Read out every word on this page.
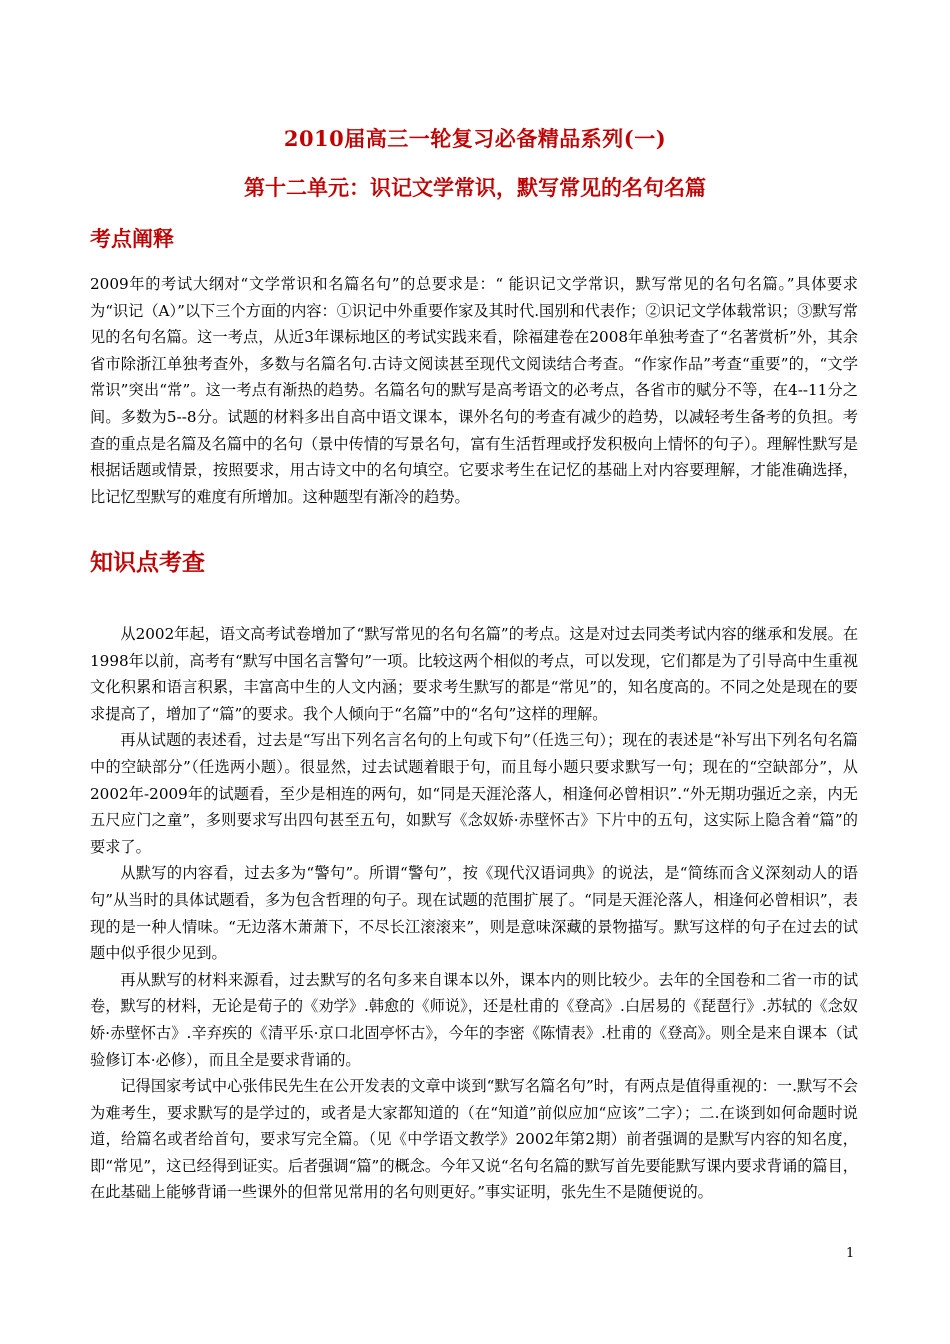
2010届高三一轮复习必备精品系列(一)
第十二单元：识记文学常识，默写常见的名句名篇
考点阐释

2009年的考试大纲对“文学常识和名篇名句”的总要求是：“ 能识记文学常识，默写常见的名句名篇。”具体要求为“识记（A）”以下三个方面的内容：①识记中外重要作家及其时代.国别和代表作；②识记文学体载常识；③默写常见的名句名篇。这一考点，从近3年课标地区的考试实践来看，除福建卷在2008年单独考查了“名著赏析”外，其余省市除浙江单独考查外，多数与名篇名句.古诗文阅读甚至现代文阅读结合考查。“作家作品”考查“重要”的，“文学常识”突出“常”。这一考点有渐热的趋势。名篇名句的默写是高考语文的必考点，各省市的赋分不等，在4--11分之间。多数为5--8分。试题的材料多出自高中语文课本，课外名句的考查有减少的趋势，以减轻考生备考的负担。考查的重点是名篇及名篇中的名句（景中传情的写景名句，富有生活哲理或抒发积极向上情怀的句子）。理解性默写是根据话题或情景，按照要求，用古诗文中的名句填空。它要求考生在记忆的基础上对内容要理解，才能准确选择，比记忆型默写的难度有所增加。这种题型有渐冷的趋势。

知识点考查

从2002年起，语文高考试卷增加了“默写常见的名句名篇”的考点。这是对过去同类考试内容的继承和发展。在1998年以前，高考有“默写中国名言警句”一项。比较这两个相似的考点，可以发现，它们都是为了引导高中生重视文化积累和语言积累，丰富高中生的人文内涵；要求考生默写的都是“常见”的，知名度高的。不同之处是现在的要求提高了，增加了“篇”的要求。我个人倾向于“名篇”中的“名句”这样的理解。

再从试题的表述看，过去是“写出下列名言名句的上句或下句”（任选三句）；现在的表述是“补写出下列名句名篇中的空缺部分”（任选两小题）。很显然，过去试题着眼于句，而且每小题只要求默写一句；现在的“空缺部分”，从2002年-2009年的试题看，至少是相连的两句，如“同是天涯沦落人，相逢何必曾相识”.“外无期功强近之亲，内无五尺应门之童”，多则要求写出四句甚至五句，如默写《念奴娇·赤壁怀古》下片中的五句，这实际上隐含着“篇”的要求了。

从默写的内容看，过去多为“警句”。所谓“警句”，按《现代汉语词典》的说法，是“简练而含义深刻动人的语句”从当时的具体试题看，多为包含哲理的句子。现在试题的范围扩展了。“同是天涯沦落人，相逢何必曾相识”，表现的是一种人情味。“无边落木萧萧下，不尽长江滚滚来”，则是意味深藏的景物描写。默写这样的句子在过去的试题中似乎很少见到。

再从默写的材料来源看，过去默写的名句多来自课本以外，课本内的则比较少。去年的全国卷和二省一市的试卷，默写的材料，无论是荀子的《劝学》.韩愈的《师说》，还是杜甫的《登高》.白居易的《琵琶行》.苏轼的《念奴娇·赤壁怀古》.辛弃疾的《清平乐·京口北固亭怀古》，今年的李密《陈情表》.杜甫的《登高》。则全是来自课本（试验修订本·必修），而且全是要求背诵的。

记得国家考试中心张伟民先生在公开发表的文章中谈到“默写名篇名句”时，有两点是值得重视的：一.默写不会为难考生，要求默写的是学过的，或者是大家都知道的（在“知道”前似应加“应该”二字）；二.在谈到如何命题时说道，给篇名或者给首句，要求写完全篇。（见《中学语文教学》2002年第2期）前者强调的是默写内容的知名度，即“常见”，这已经得到证实。后者强调“篇”的概念。今年又说“名句名篇的默写首先要能默写课内要求背诵的篇目，在此基础上能够背诵一些课外的但常见常用的名句则更好。”事实证明，张先生不是随便说的。

1
